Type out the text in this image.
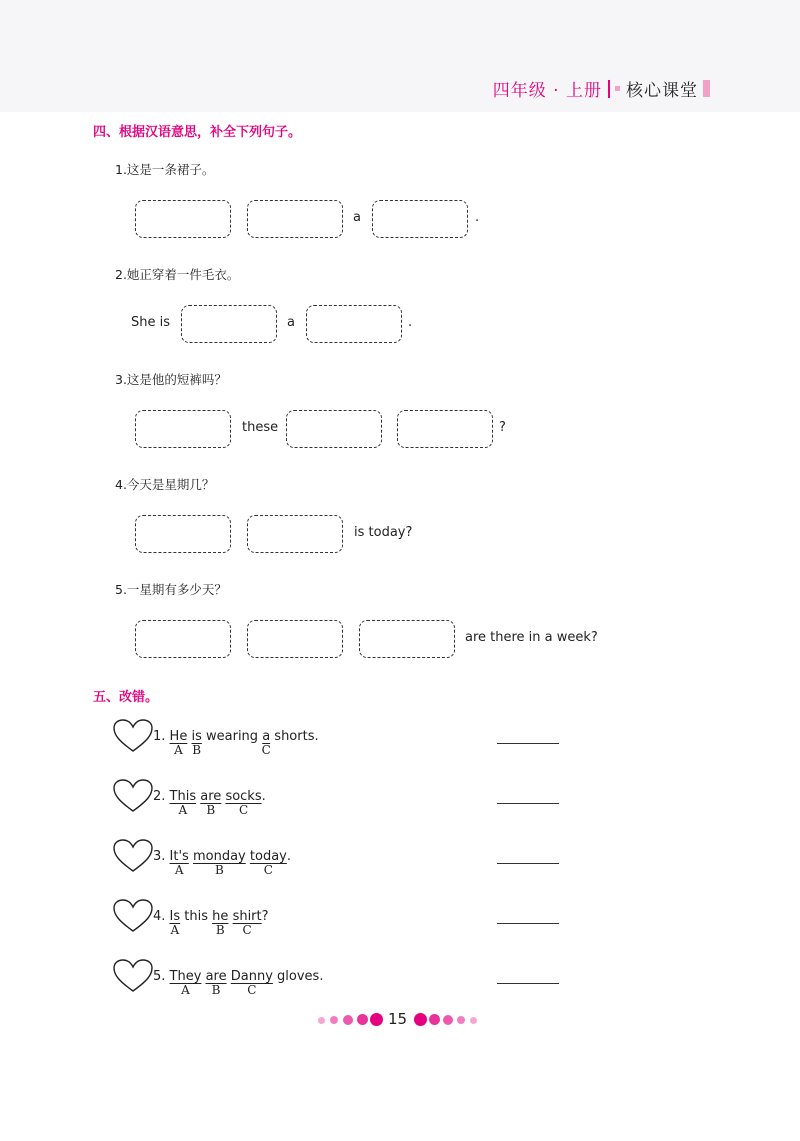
四年级 · 上册 核心课堂
四、根据汉语意思，补全下列句子。
1.这是一条裙子。
a	.
2.她正穿着一件毛衣。
She is	a	.
3.这是他的短裤吗？
these	?
4.今天是星期几？
is today?
5.一星期有多少天？
are there in a week?
五、改错。
1. He
A
is
B
wearing a
C
shorts.
2. This
A
are
B
socks
C
.
3. It's
A
monday
B
today
C
.
4. Is
A
this he
B
shirt
C
?
5. They
A
are
B
Danny
C
gloves.
15
